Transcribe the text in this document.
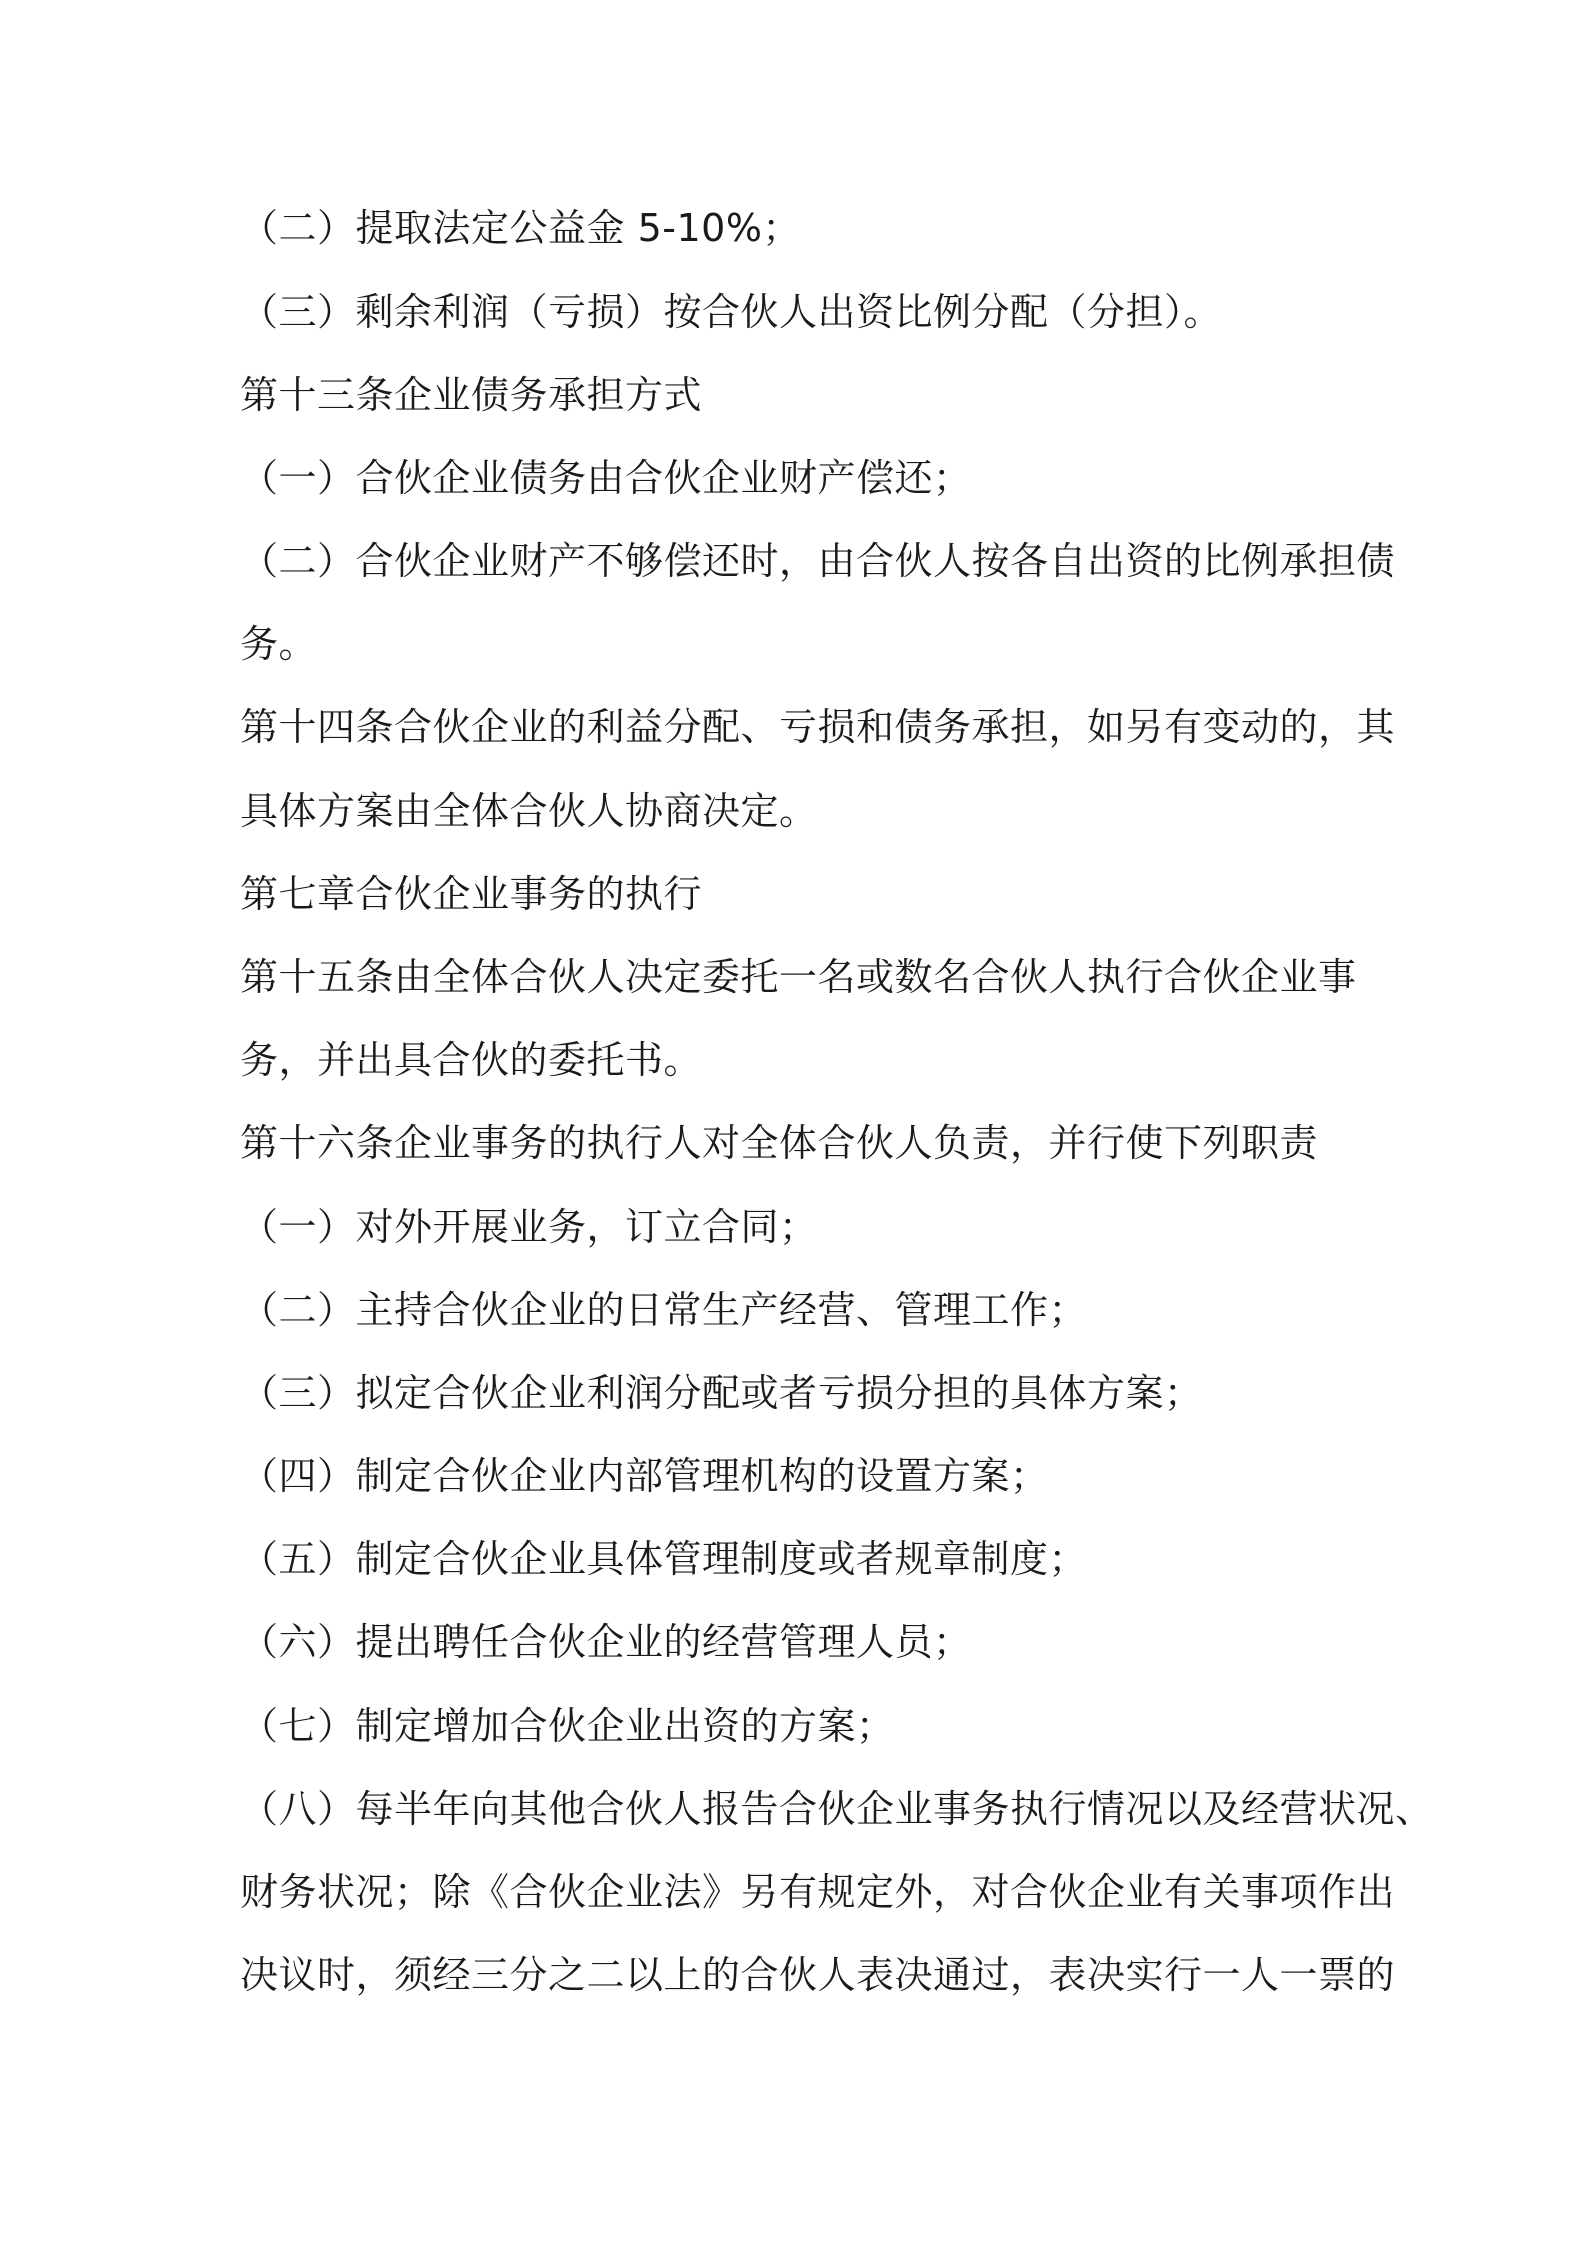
（二）提取法定公益金 5-10%；
（三）剩余利润（亏损）按合伙人出资比例分配（分担）。
第十三条企业债务承担方式
（一）合伙企业债务由合伙企业财产偿还；
（二）合伙企业财产不够偿还时，由合伙人按各自出资的比例承担债
务。
第十四条合伙企业的利益分配、亏损和债务承担，如另有变动的，其
具体方案由全体合伙人协商决定。
第七章合伙企业事务的执行
第十五条由全体合伙人决定委托一名或数名合伙人执行合伙企业事
务，并出具合伙的委托书。
第十六条企业事务的执行人对全体合伙人负责，并行使下列职责
（一）对外开展业务，订立合同；
（二）主持合伙企业的日常生产经营、管理工作；
（三）拟定合伙企业利润分配或者亏损分担的具体方案；
（四）制定合伙企业内部管理机构的设置方案；
（五）制定合伙企业具体管理制度或者规章制度；
（六）提出聘任合伙企业的经营管理人员；
（七）制定增加合伙企业出资的方案；
（八）每半年向其他合伙人报告合伙企业事务执行情况以及经营状况、
财务状况；除《合伙企业法》另有规定外，对合伙企业有关事项作出
决议时，须经三分之二以上的合伙人表决通过，表决实行一人一票的
